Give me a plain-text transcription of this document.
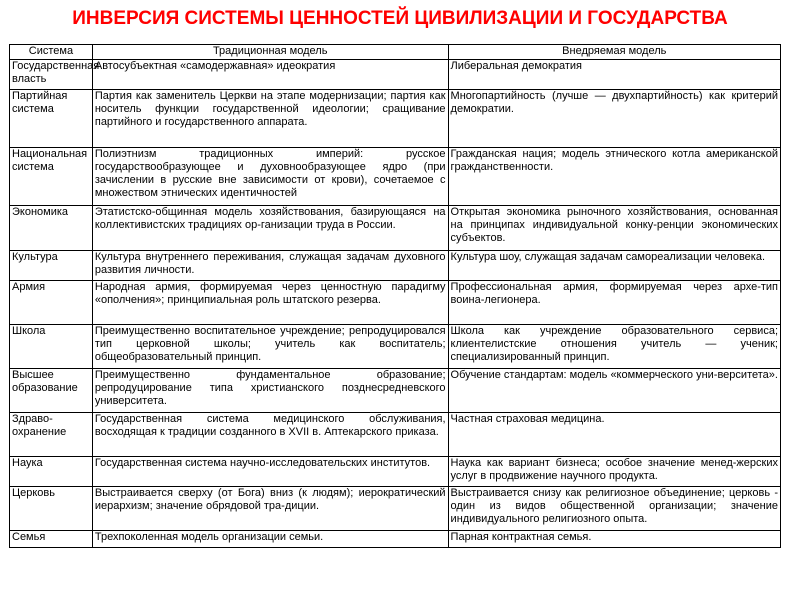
ИНВЕРСИЯ СИСТЕМЫ ЦЕННОСТЕЙ ЦИВИЛИЗАЦИИ И ГОСУДАРСТВА
Система	Традиционная модель	Внедряемая модель
Государственная власть	Автосубъектная «самодержавная» идеократия	Либеральная демократия
Партийная система	Партия как заменитель Церкви на этапе модернизации; партия как носитель функции государственной идеологии; сращивание партийного и государственного аппарата.	Многопартийность (лучше — двухпартийность) как критерий демократии.
Национальная система	Полиэтнизм традиционных империй: русское государствообразующее и духовнообразующее ядро (при зачислении в русские вне зависимости от крови), сочетаемое с множеством этнических идентичностей	Гражданская нация; модель этнического котла американской гражданственности.
Экономика	Этатистско-общинная модель хозяйствования, базирующаяся на коллективистских традициях ор-ганизации труда в России.	Открытая экономика рыночного хозяйствования, основанная на принципах индивидуальной конку-ренции экономических субъектов.
Культура	Культура внутреннего переживания, служащая задачам духовного развития личности.	Культура шоу, служащая задачам самореализации человека.
Армия	Народная армия, формируемая через ценностную парадигму «ополчения»; принципиальная роль штатского резерва.	Профессиональная армия, формируемая через архе-тип воина-легионера.
Школа	Преимущественно воспитательное учреждение; репродуцировался тип церковной школы; учитель как воспитатель; общеобразовательный принцип.	Школа как учреждение образовательного сервиса; клиентелистские отношения учитель — ученик; специализированный принцип.
Высшее образование	Преимущественно фундаментальное образование; репродуцирование типа христианского позднесредневского университета.	Обучение стандартам: модель «коммерческого уни-верситета».
Здраво-охранение	Государственная система медицинского обслуживания, восходящая к традиции созданного в XVII в. Аптекарского приказа.	Частная страховая медицина.
Наука	Государственная система научно-исследовательских институтов.	Наука как вариант бизнеса; особое значение менед-жерских услуг в продвижение научного продукта.
Церковь	Выстраивается сверху (от Бога) вниз (к людям); иерократический иерархизм; значение обрядовой тра-диции.	Выстраивается снизу как религиозное объединение; церковь - один из видов общественной организации; значение индивидуального религиозного опыта.
Семья	Трехпоколенная модель организации семьи.	Парная контрактная семья.
